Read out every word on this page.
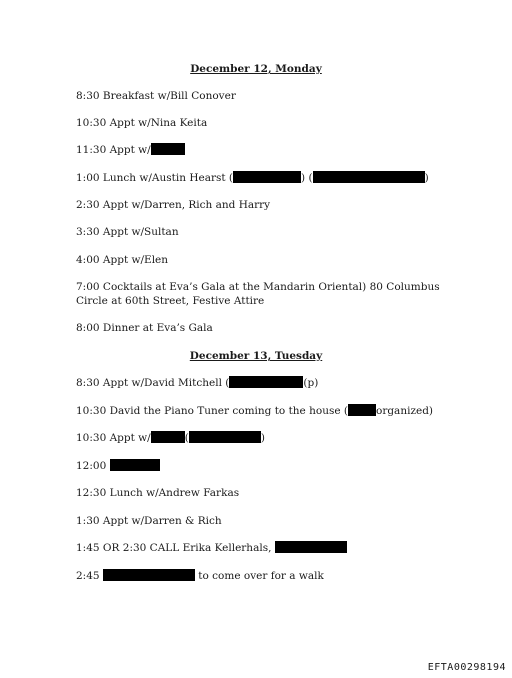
December 12, Monday
8:30 Breakfast w/Bill Conover
10:30 Appt w/Nina Keita
11:30 Appt w/
1:00 Lunch w/Austin Hearst (	) (	)
2:30 Appt w/Darren, Rich and Harry
3:30 Appt w/Sultan
4:00 Appt w/Elen
7:00 Cocktails at Eva’s Gala at the Mandarin Oriental) 80 Columbus
Circle at 60th Street, Festive Attire
8:00 Dinner at Eva’s Gala
December 13, Tuesday
8:30 Appt w/David Mitchell (	(p)
10:30 David the Piano Tuner coming to the house (	organized)
10:30 Appt w/	(	)
12:00
12:30 Lunch w/Andrew Farkas
1:30 Appt w/Darren & Rich
1:45 OR 2:30 CALL Erika Kellerhals,
2:45	to come over for a walk
EFTA00298194
